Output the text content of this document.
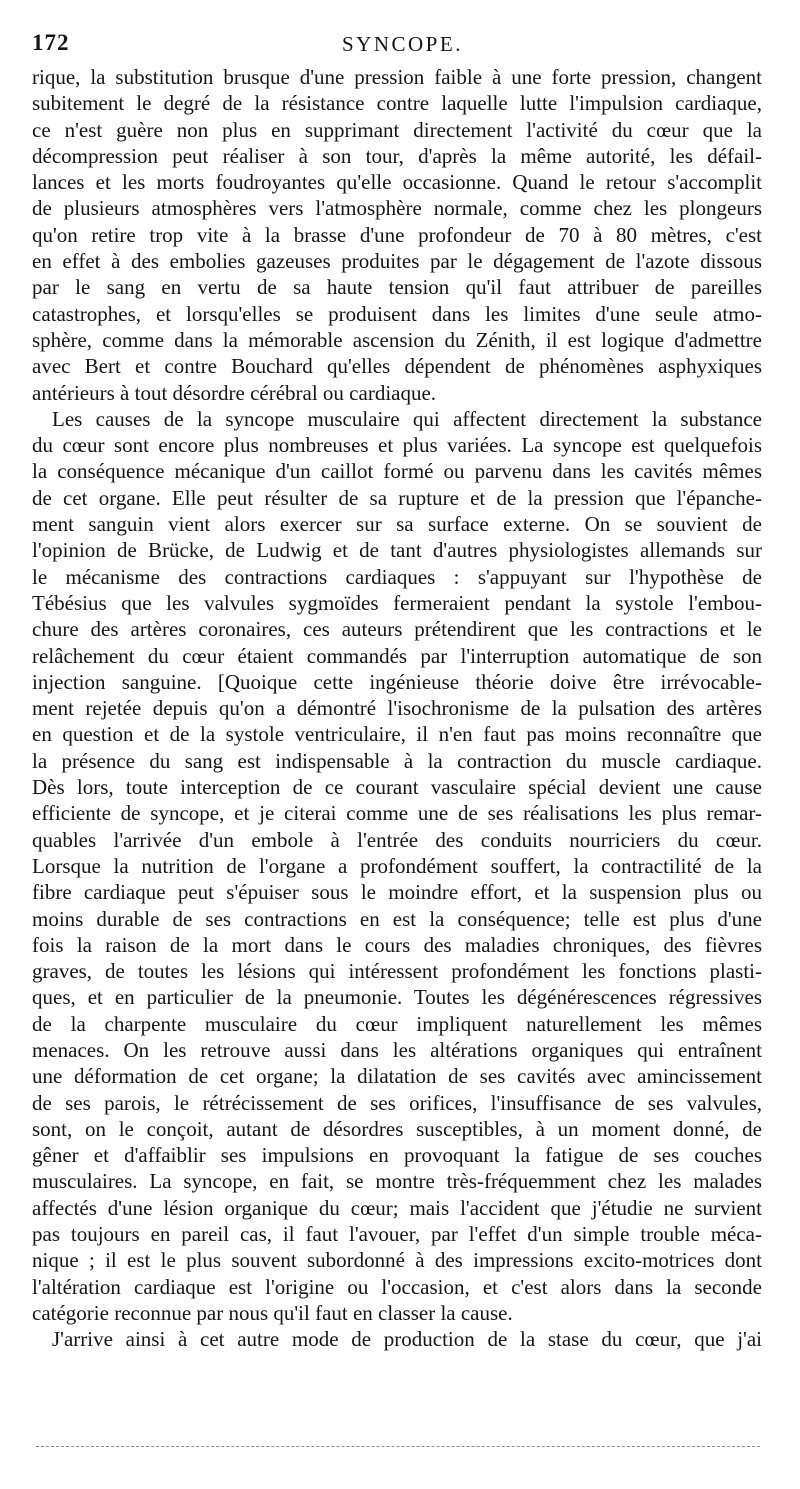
172	SYNCOPE.
rique, la substitution brusque d'une pression faible à une forte pression, changent
subitement le degré de la résistance contre laquelle lutte l'impulsion cardiaque,
ce n'est guère non plus en supprimant directement l'activité du cœur que la
décompression peut réaliser à son tour, d'après la même autorité, les défail-
lances et les morts foudroyantes qu'elle occasionne. Quand le retour s'accomplit
de plusieurs atmosphères vers l'atmosphère normale, comme chez les plongeurs
qu'on retire trop vite à la brasse d'une profondeur de 70 à 80 mètres, c'est
en effet à des embolies gazeuses produites par le dégagement de l'azote dissous
par le sang en vertu de sa haute tension qu'il faut attribuer de pareilles
catastrophes, et lorsqu'elles se produisent dans les limites d'une seule atmo-
sphère, comme dans la mémorable ascension du Zénith, il est logique d'admettre
avec Bert et contre Bouchard qu'elles dépendent de phénomènes asphyxiques
antérieurs à tout désordre cérébral ou cardiaque.
Les causes de la syncope musculaire qui affectent directement la substance
du cœur sont encore plus nombreuses et plus variées. La syncope est quelquefois
la conséquence mécanique d'un caillot formé ou parvenu dans les cavités mêmes
de cet organe. Elle peut résulter de sa rupture et de la pression que l'épanche-
ment sanguin vient alors exercer sur sa surface externe. On se souvient de
l'opinion de Brücke, de Ludwig et de tant d'autres physiologistes allemands sur
le mécanisme des contractions cardiaques : s'appuyant sur l'hypothèse de
Tébésius que les valvules sygmoïdes fermeraient pendant la systole l'embou-
chure des artères coronaires, ces auteurs prétendirent que les contractions et le
relâchement du cœur étaient commandés par l'interruption automatique de son
injection sanguine. [Quoique cette ingénieuse théorie doive être irrévocable-
ment rejetée depuis qu'on a démontré l'isochronisme de la pulsation des artères
en question et de la systole ventriculaire, il n'en faut pas moins reconnaître que
la présence du sang est indispensable à la contraction du muscle cardiaque.
Dès lors, toute interception de ce courant vasculaire spécial devient une cause
efficiente de syncope, et je citerai comme une de ses réalisations les plus remar-
quables l'arrivée d'un embole à l'entrée des conduits nourriciers du cœur.
Lorsque la nutrition de l'organe a profondément souffert, la contractilité de la
fibre cardiaque peut s'épuiser sous le moindre effort, et la suspension plus ou
moins durable de ses contractions en est la conséquence; telle est plus d'une
fois la raison de la mort dans le cours des maladies chroniques, des fièvres
graves, de toutes les lésions qui intéressent profondément les fonctions plasti-
ques, et en particulier de la pneumonie. Toutes les dégénérescences régressives
de la charpente musculaire du cœur impliquent naturellement les mêmes
menaces. On les retrouve aussi dans les altérations organiques qui entraînent
une déformation de cet organe; la dilatation de ses cavités avec amincissement
de ses parois, le rétrécissement de ses orifices, l'insuffisance de ses valvules,
sont, on le conçoit, autant de désordres susceptibles, à un moment donné, de
gêner et d'affaiblir ses impulsions en provoquant la fatigue de ses couches
musculaires. La syncope, en fait, se montre très-fréquemment chez les malades
affectés d'une lésion organique du cœur; mais l'accident que j'étudie ne survient
pas toujours en pareil cas, il faut l'avouer, par l'effet d'un simple trouble méca-
nique ; il est le plus souvent subordonné à des impressions excito-motrices dont
l'altération cardiaque est l'origine ou l'occasion, et c'est alors dans la seconde
catégorie reconnue par nous qu'il faut en classer la cause.
J'arrive ainsi à cet autre mode de production de la stase du cœur, que j'ai
